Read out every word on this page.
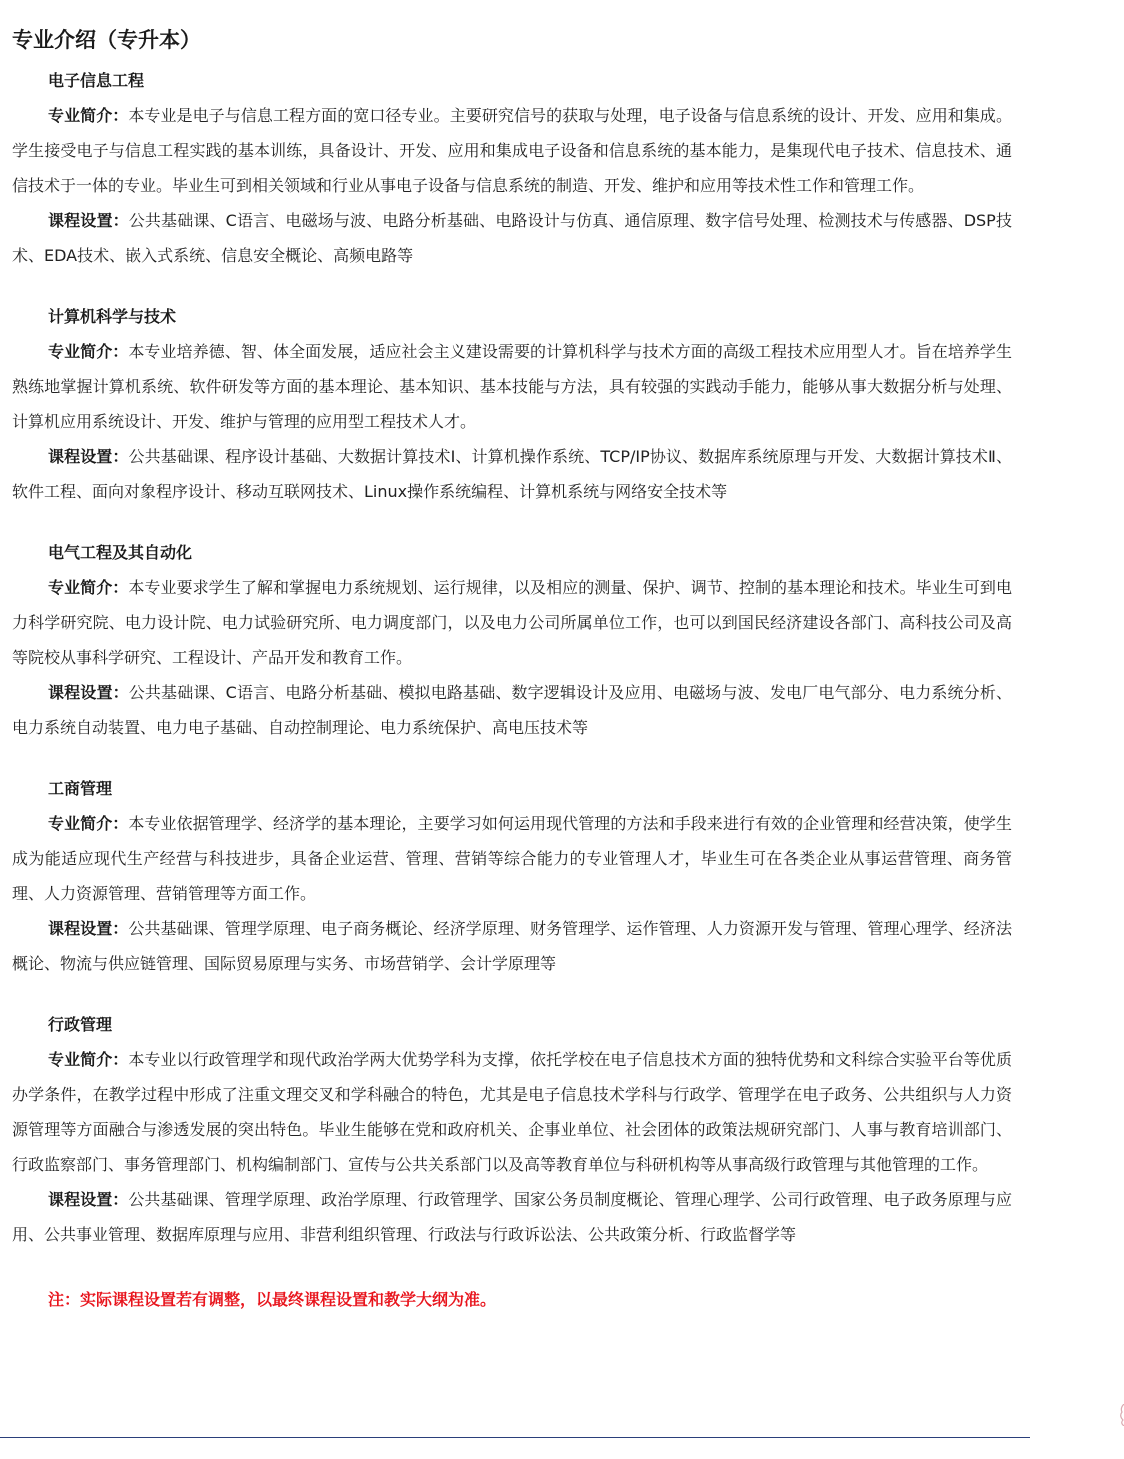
专业介绍（专升本）
电子信息工程

专业简介：本专业是电子与信息工程方面的宽口径专业。主要研究信号的获取与处理，电子设备与信息系统的设计、开发、应用和集成。学生接受电子与信息工程实践的基本训练，具备设计、开发、应用和集成电子设备和信息系统的基本能力，是集现代电子技术、信息技术、通信技术于一体的专业。毕业生可到相关领域和行业从事电子设备与信息系统的制造、开发、维护和应用等技术性工作和管理工作。

课程设置：公共基础课、C语言、电磁场与波、电路分析基础、电路设计与仿真、通信原理、数字信号处理、检测技术与传感器、DSP技术、EDA技术、嵌入式系统、信息安全概论、高频电路等

计算机科学与技术

专业简介：本专业培养德、智、体全面发展，适应社会主义建设需要的计算机科学与技术方面的高级工程技术应用型人才。旨在培养学生熟练地掌握计算机系统、软件研发等方面的基本理论、基本知识、基本技能与方法，具有较强的实践动手能力，能够从事大数据分析与处理、计算机应用系统设计、开发、维护与管理的应用型工程技术人才。

课程设置：公共基础课、程序设计基础、大数据计算技术Ⅰ、计算机操作系统、TCP/IP协议、数据库系统原理与开发、大数据计算技术Ⅱ、软件工程、面向对象程序设计、移动互联网技术、Linux操作系统编程、计算机系统与网络安全技术等

电气工程及其自动化

专业简介：本专业要求学生了解和掌握电力系统规划、运行规律，以及相应的测量、保护、调节、控制的基本理论和技术。毕业生可到电力科学研究院、电力设计院、电力试验研究所、电力调度部门，以及电力公司所属单位工作，也可以到国民经济建设各部门、高科技公司及高等院校从事科学研究、工程设计、产品开发和教育工作。

课程设置：公共基础课、C语言、电路分析基础、模拟电路基础、数字逻辑设计及应用、电磁场与波、发电厂电气部分、电力系统分析、电力系统自动装置、电力电子基础、自动控制理论、电力系统保护、高电压技术等

工商管理

专业简介：本专业依据管理学、经济学的基本理论，主要学习如何运用现代管理的方法和手段来进行有效的企业管理和经营决策，使学生成为能适应现代生产经营与科技进步，具备企业运营、管理、营销等综合能力的专业管理人才，毕业生可在各类企业从事运营管理、商务管理、人力资源管理、营销管理等方面工作。

课程设置：公共基础课、管理学原理、电子商务概论、经济学原理、财务管理学、运作管理、人力资源开发与管理、管理心理学、经济法概论、物流与供应链管理、国际贸易原理与实务、市场营销学、会计学原理等

行政管理

专业简介：本专业以行政管理学和现代政治学两大优势学科为支撑，依托学校在电子信息技术方面的独特优势和文科综合实验平台等优质办学条件，在教学过程中形成了注重文理交叉和学科融合的特色，尤其是电子信息技术学科与行政学、管理学在电子政务、公共组织与人力资源管理等方面融合与渗透发展的突出特色。毕业生能够在党和政府机关、企事业单位、社会团体的政策法规研究部门、人事与教育培训部门、行政监察部门、事务管理部门、机构编制部门、宣传与公共关系部门以及高等教育单位与科研机构等从事高级行政管理与其他管理的工作。

课程设置：公共基础课、管理学原理、政治学原理、行政管理学、国家公务员制度概论、管理心理学、公司行政管理、电子政务原理与应用、公共事业管理、数据库原理与应用、非营利组织管理、行政法与行政诉讼法、公共政策分析、行政监督学等

注：实际课程设置若有调整，以最终课程设置和教学大纲为准。
